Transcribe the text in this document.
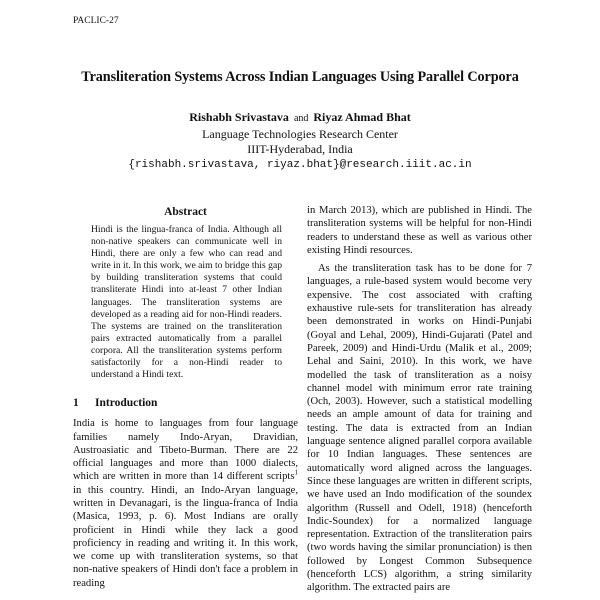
PACLIC-27
Transliteration Systems Across Indian Languages Using Parallel Corpora
Rishabh Srivastava and Riyaz Ahmad Bhat
Language Technologies Research Center
IIIT-Hyderabad, India
{rishabh.srivastava, riyaz.bhat}@research.iiit.ac.in
Abstract

Hindi is the lingua-franca of India. Although all non-native speakers can communicate well in Hindi, there are only a few who can read and write in it. In this work, we aim to bridge this gap by building transliteration systems that could transliterate Hindi into at-least 7 other Indian languages. The transliteration systems are developed as a reading aid for non-Hindi readers. The systems are trained on the transliteration pairs extracted automatically from a parallel corpora. All the transliteration systems perform satisfactorily for a non-Hindi reader to understand a Hindi text.

1 Introduction

India is home to languages from four language families namely Indo-Aryan, Dravidian, Austroasiatic and Tibeto-Burman. There are 22 official languages and more than 1000 dialects, which are written in more than 14 different scripts$^1$ in this country. Hindi, an Indo-Aryan language, written in Devanagari, is the lingua-franca of India (Masica, 1993, p. 6). Most Indians are orally proficient in Hindi while they lack a good proficiency in reading and writing it. In this work, we come up with transliteration systems, so that non-native speakers of Hindi don't face a problem in reading

in March 2013), which are published in Hindi. The transliteration systems will be helpful for non-Hindi readers to understand these as well as various other existing Hindi resources.

As the transliteration task has to be done for 7 languages, a rule-based system would become very expensive. The cost associated with crafting exhaustive rule-sets for transliteration has already been demonstrated in works on Hindi-Punjabi (Goyal and Lehal, 2009), Hindi-Gujarati (Patel and Pareek, 2009) and Hindi-Urdu (Malik et al., 2009; Lehal and Saini, 2010). In this work, we have modelled the task of transliteration as a noisy channel model with minimum error rate training (Och, 2003). However, such a statistical modelling needs an ample amount of data for training and testing. The data is extracted from an Indian language sentence aligned parallel corpora available for 10 Indian languages. These sentences are automatically word aligned across the languages. Since these languages are written in different scripts, we have used an Indo modification of the soundex algorithm (Russell and Odell, 1918) (henceforth Indic-Soundex) for a normalized language representation. Extraction of the transliteration pairs (two words having the similar pronunciation) is then followed by Longest Common Subsequence (henceforth LCS) algorithm, a string similarity algorithm. The extracted pairs are
